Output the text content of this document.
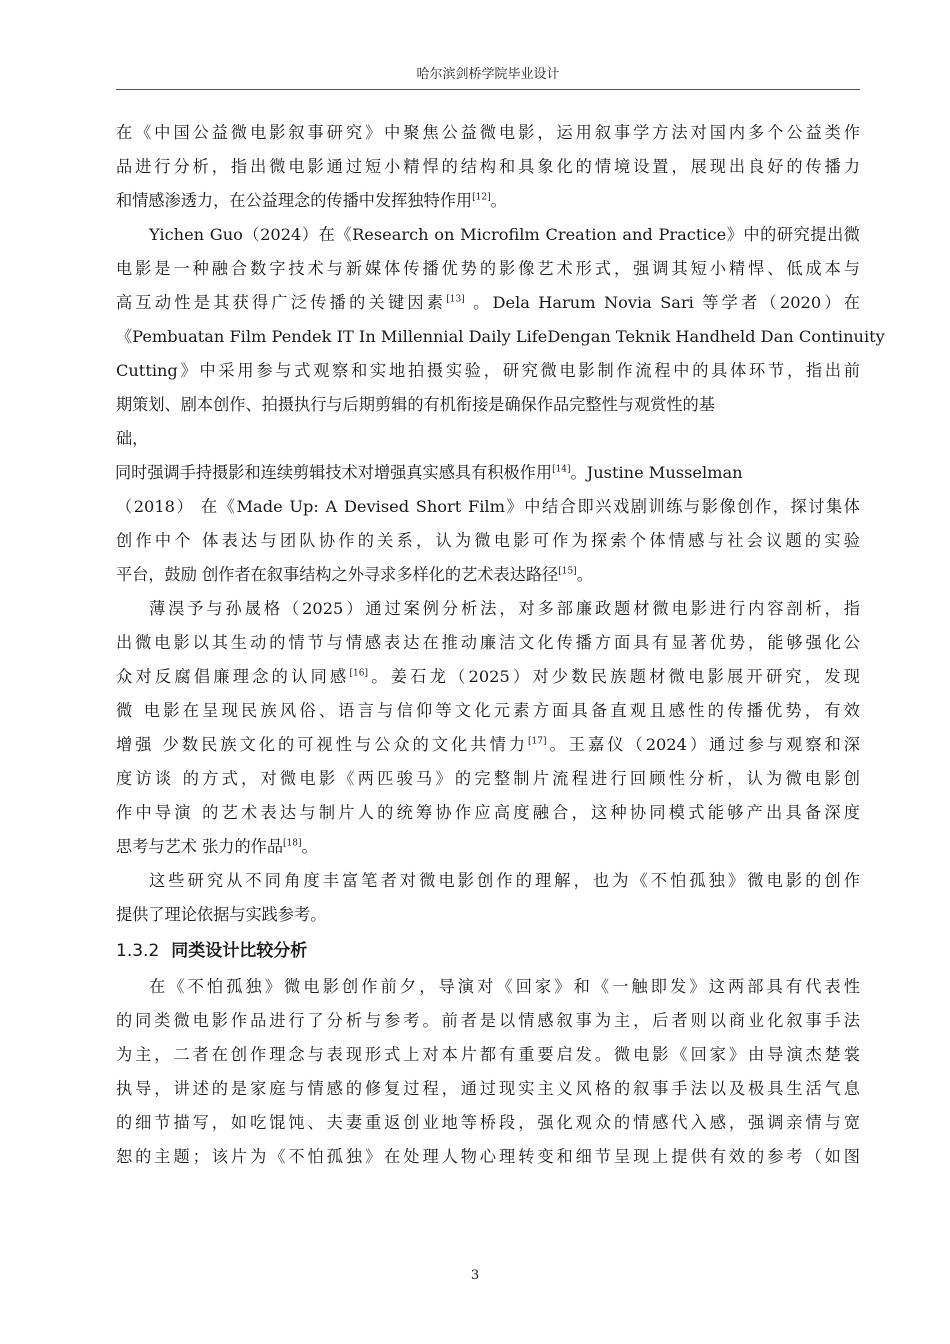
哈尔滨剑桥学院毕业设计
在《中国公益微电影叙事研究》中聚焦公益微电影，运用叙事学方法对国内多个公益类作
品进行分析，指出微电影通过短小精悍的结构和具象化的情境设置，展现出良好的传播力
和情感渗透力，在公益理念的传播中发挥独特作用[12]。
Yichen Guo（2024）在《Research on Microfilm Creation and Practice》中的研究提出微
电影是一种融合数字技术与新媒体传播优势的影像艺术形式，强调其短小精悍、低成本与
高互动性是其获得广泛传播的关键因素[13] 。Dela Harum Novia Sari 等学者（2020）在
《Pembuatan Film Pendek IT In Millennial Daily LifeDengan Teknik Handheld Dan Continuity
Cutting》中采用参与式观察和实地拍摄实验，研究微电影制作流程中的具体环节，指出前
期策划、剧本创作、拍摄执行与后期剪辑的有机衔接是确保作品完整性与观赏性的基
础，
同时强调手持摄影和连续剪辑技术对增强真实感具有积极作用[14]。Justine Musselman
（2018） 在《Made Up: A Devised Short Film》中结合即兴戏剧训练与影像创作，探讨集体
创作中个 体表达与团队协作的关系，认为微电影可作为探索个体情感与社会议题的实验
平台，鼓励 创作者在叙事结构之外寻求多样化的艺术表达路径[15]。
薄淏予与孙晟格（2025）通过案例分析法，对多部廉政题材微电影进行内容剖析，指
出微电影以其生动的情节与情感表达在推动廉洁文化传播方面具有显著优势，能够强化公
众对反腐倡廉理念的认同感[16]。姜石龙（2025）对少数民族题材微电影展开研究，发现
微 电影在呈现民族风俗、语言与信仰等文化元素方面具备直观且感性的传播优势，有效
增强 少数民族文化的可视性与公众的文化共情力[17]。王嘉仪（2024）通过参与观察和深
度访谈 的方式，对微电影《两匹骏马》的完整制片流程进行回顾性分析，认为微电影创
作中导演 的艺术表达与制片人的统筹协作应高度融合，这种协同模式能够产出具备深度
思考与艺术 张力的作品[18]。
这些研究从不同角度丰富笔者对微电影创作的理解，也为《不怕孤独》微电影的创作
提供了理论依据与实践参考。
1.3.2 同类设计比较分析
在《不怕孤独》微电影创作前夕，导演对《回家》和《一触即发》这两部具有代表性
的同类微电影作品进行了分析与参考。前者是以情感叙事为主，后者则以商业化叙事手法
为主，二者在创作理念与表现形式上对本片都有重要启发。微电影《回家》由导演杰楚裳
执导，讲述的是家庭与情感的修复过程，通过现实主义风格的叙事手法以及极具生活气息
的细节描写，如吃馄饨、夫妻重返创业地等桥段，强化观众的情感代入感，强调亲情与宽
恕的主题；该片为《不怕孤独》在处理人物心理转变和细节呈现上提供有效的参考（如图
3
